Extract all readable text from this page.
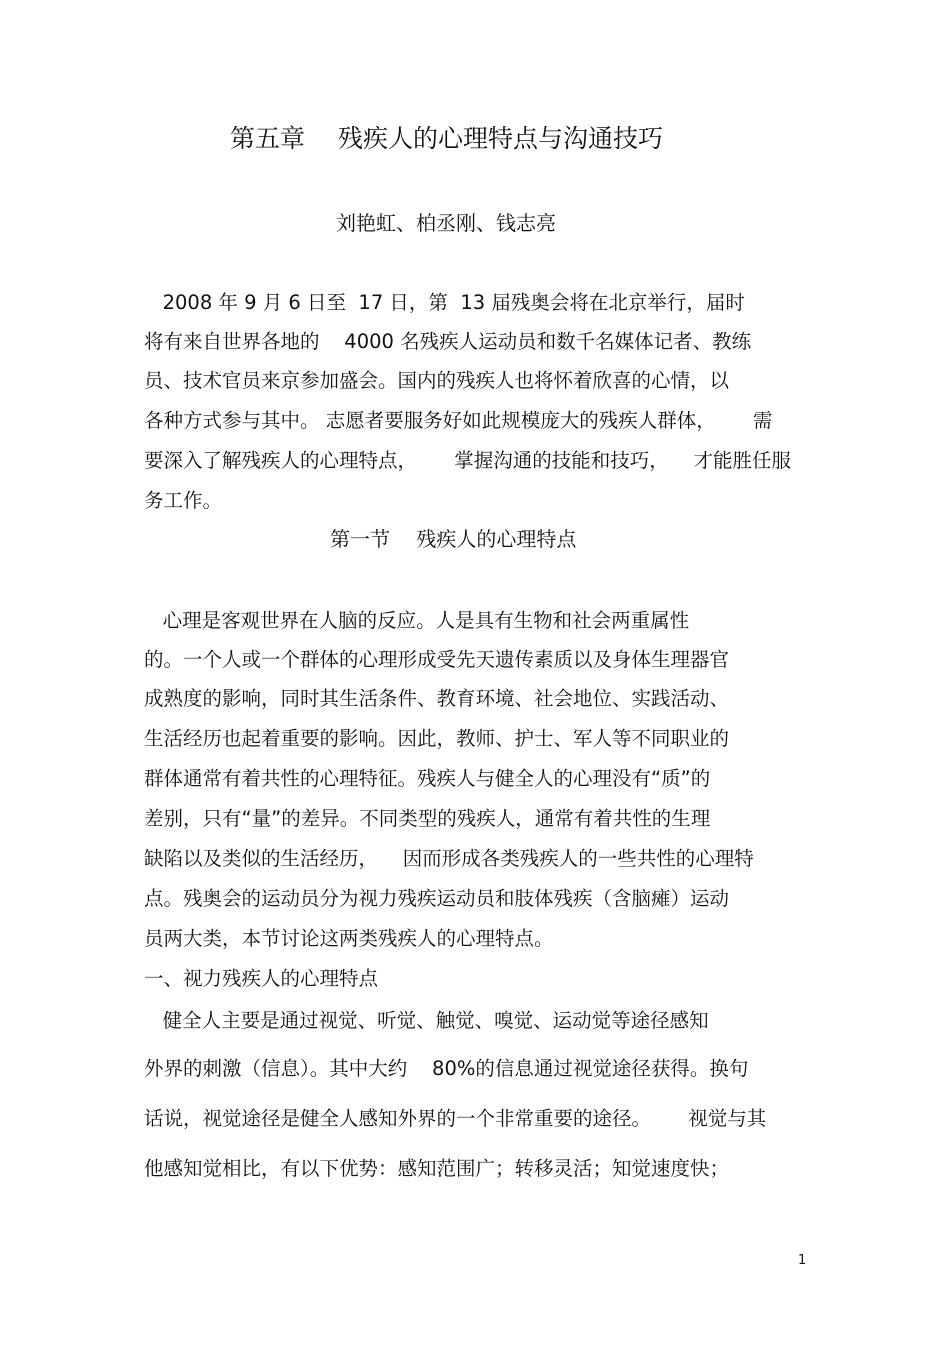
第五章　 残疾人的心理特点与沟通技巧
刘艳虹、柏丞刚、钱志亮
2008 年 9 月 6 日至  17 日，第  13 届残奥会将在北京举行，届时
将有来自世界各地的    4000 名残疾人运动员和数千名媒体记者、教练
员、技术官员来京参加盛会。国内的残疾人也将怀着欣喜的心情，以
各种方式参与其中。 志愿者要服务好如此规模庞大的残疾人群体，      需
要深入了解残疾人的心理特点，      掌握沟通的技能和技巧，    才能胜任服
务工作。
第一节　 残疾人的心理特点
心理是客观世界在人脑的反应。人是具有生物和社会两重属性
的。一个人或一个群体的心理形成受先天遗传素质以及身体生理器官
成熟度的影响，同时其生活条件、教育环境、社会地位、实践活动、
生活经历也起着重要的影响。因此，教师、护士、军人等不同职业的
群体通常有着共性的心理特征。残疾人与健全人的心理没有“质”的
差别，只有“量”的差异。不同类型的残疾人，通常有着共性的生理
缺陷以及类似的生活经历，    因而形成各类残疾人的一些共性的心理特
点。残奥会的运动员分为视力残疾运动员和肢体残疾（含脑瘫）运动
员两大类，本节讨论这两类残疾人的心理特点。
一、视力残疾人的心理特点
健全人主要是通过视觉、听觉、触觉、嗅觉、运动觉等途径感知
外界的刺激（信息）。其中大约    80%的信息通过视觉途径获得。换句
话说，视觉途径是健全人感知外界的一个非常重要的途径。      视觉与其
他感知觉相比，有以下优势：感知范围广；转移灵活；知觉速度快；
1
